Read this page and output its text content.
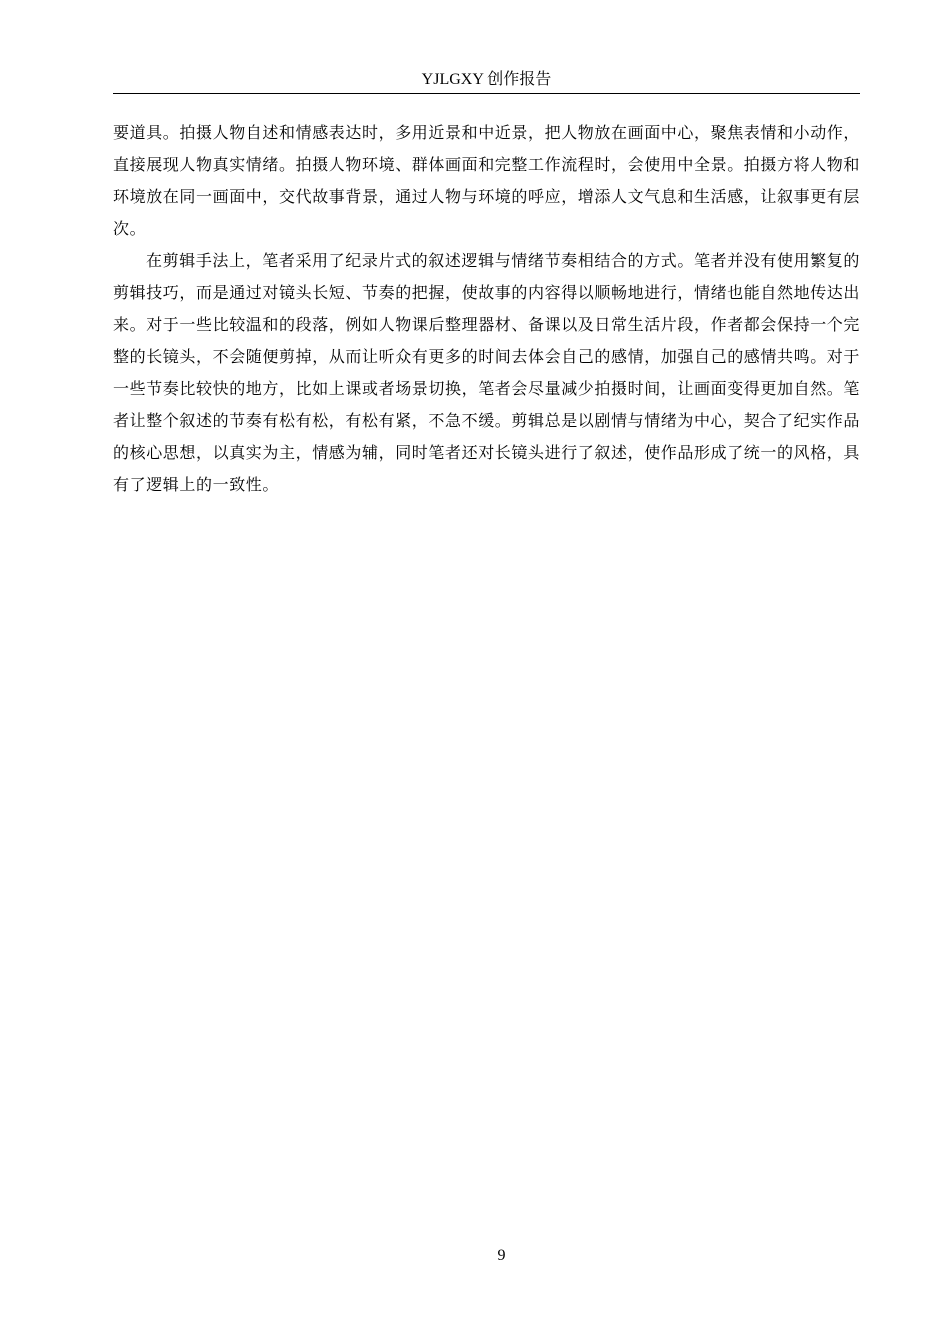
YJLGXY 创作报告

要道具。拍摄人物自述和情感表达时，多用近景和中近景，把人物放在画面中心，聚焦表情和小动作，直接展现人物真实情绪。拍摄人物环境、群体画面和完整工作流程时，会使用中全景。拍摄方将人物和环境放在同一画面中，交代故事背景，通过人物与环境的呼应，增添人文气息和生活感，让叙事更有层次。

在剪辑手法上，笔者采用了纪录片式的叙述逻辑与情绪节奏相结合的方式。笔者并没有使用繁复的剪辑技巧，而是通过对镜头长短、节奏的把握，使故事的内容得以顺畅地进行，情绪也能自然地传达出来。对于一些比较温和的段落，例如人物课后整理器材、备课以及日常生活片段，作者都会保持一个完整的长镜头，不会随便剪掉，从而让听众有更多的时间去体会自己的感情，加强自己的感情共鸣。对于一些节奏比较快的地方，比如上课或者场景切换，笔者会尽量减少拍摄时间，让画面变得更加自然。笔者让整个叙述的节奏有松有松，有松有紧，不急不缓。剪辑总是以剧情与情绪为中心，契合了纪实作品的核心思想，以真实为主，情感为辅，同时笔者还对长镜头进行了叙述，使作品形成了统一的风格，具有了逻辑上的一致性。

9
